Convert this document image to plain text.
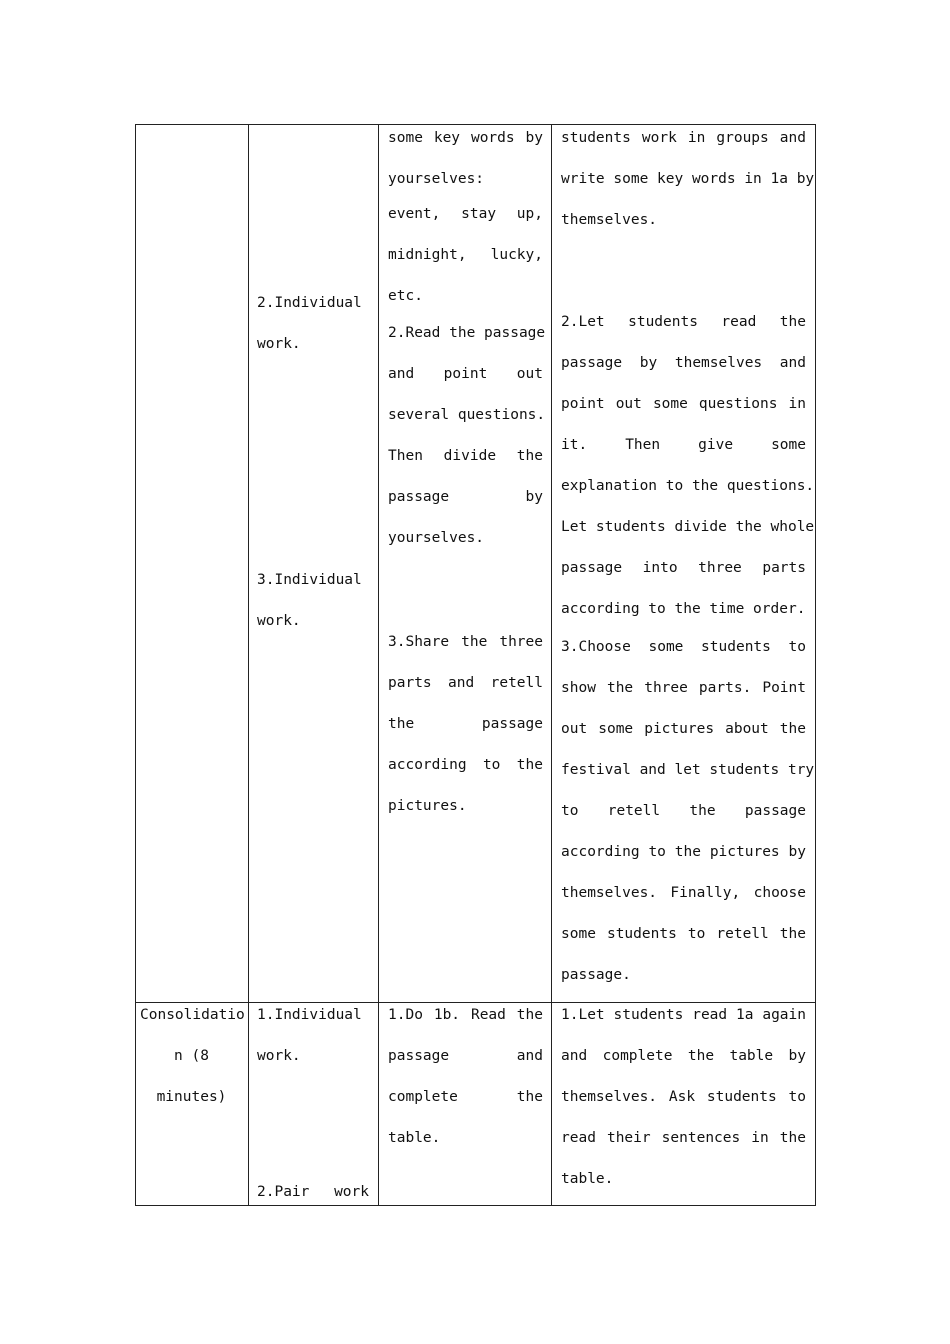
2.Individual
work.
3.Individual
work.
some key words by
yourselves:
event, stay up,
midnight, lucky,
etc.
2.Read the passage
and point out
several questions.
Then divide the
passage by
yourselves.
3.Share the three
parts and retell
the passage
according to the
pictures.
students work in groups and
write some key words in 1a by
themselves.
2.Let students read the
passage by themselves and
point out some questions in
it. Then give some
explanation to the questions.
Let students divide the whole
passage into three parts
according to the time order.
3.Choose some students to
show the three parts. Point
out some pictures about the
festival and let students try
to retell the passage
according to the pictures by
themselves. Finally, choose
some students to retell the
passage.
Consolidatio
n (8
minutes)
1.Individual
work.
2.Pair work
1.Do 1b. Read the
passage and
complete the
table.
1.Let students read 1a again
and complete the table by
themselves. Ask students to
read their sentences in the
table.
